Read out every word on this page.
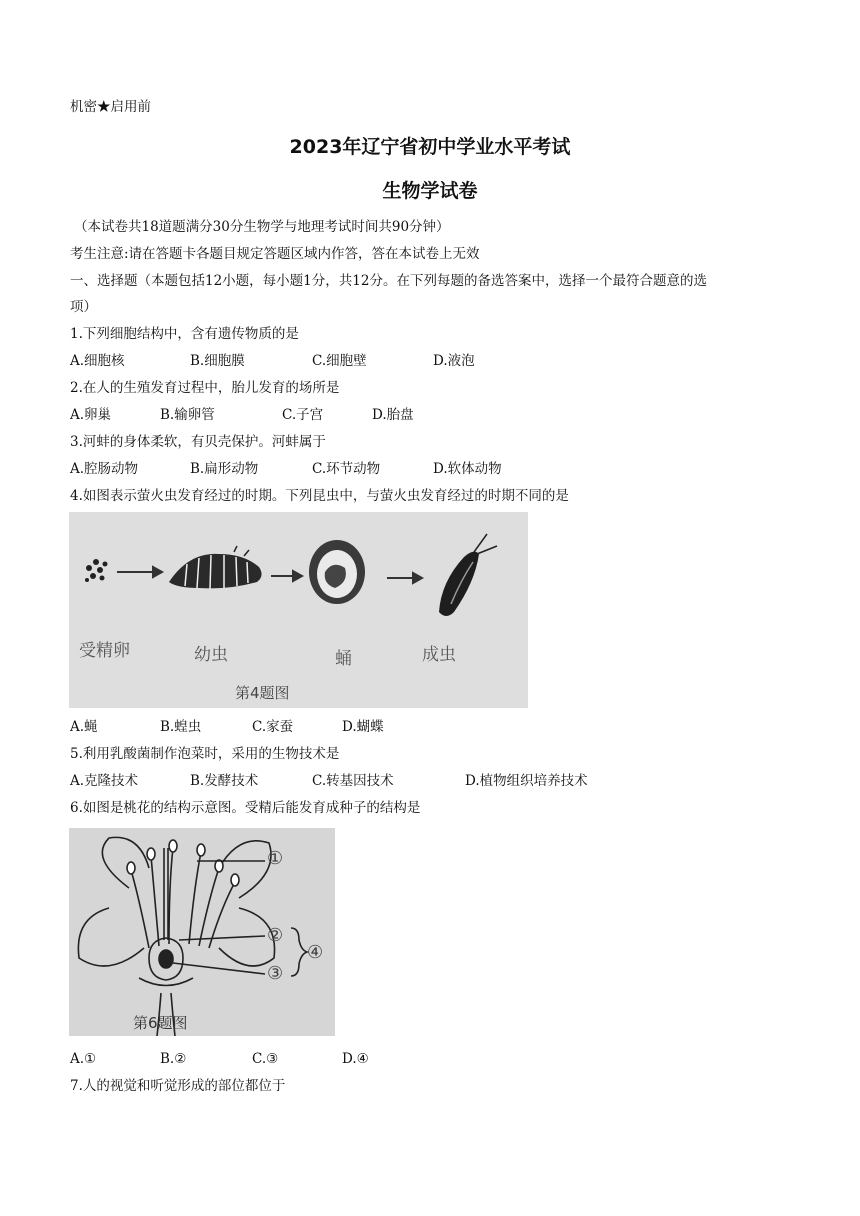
机密★启用前
2023年辽宁省初中学业水平考试
生物学试卷
（本试卷共18道题满分30分生物学与地理考试时间共90分钟）
考生注意:请在答题卡各题目规定答题区域内作答，答在本试卷上无效
一、选择题（本题包括12小题，每小题1分，共12分。在下列每题的备选答案中，选择一个最符合题意的选
项）
1.下列细胞结构中，含有遗传物质的是
A.细胞核	B.细胞膜	C.细胞壁	D.液泡
2.在人的生殖发育过程中，胎儿发育的场所是
A.卵巢	B.输卵管	C.子宫	D.胎盘
3.河蚌的身体柔软，有贝壳保护。河蚌属于
A.腔肠动物	B.扁形动物	C.环节动物	D.软体动物
4.如图表示萤火虫发育经过的时期。下列昆虫中，与萤火虫发育经过的时期不同的是
受精卵	幼虫	蛹	成虫
第4题图
A.蝇	B.蝗虫	C.家蚕	D.蝴蝶
5.利用乳酸菌制作泡菜时，采用的生物技术是
A.克隆技术	B.发酵技术	C.转基因技术	D.植物组织培养技术
6.如图是桃花的结构示意图。受精后能发育成种子的结构是
①
②
③
④
第6题图
A.①	B.②	C.③	D.④
7.人的视觉和听觉形成的部位都位于
